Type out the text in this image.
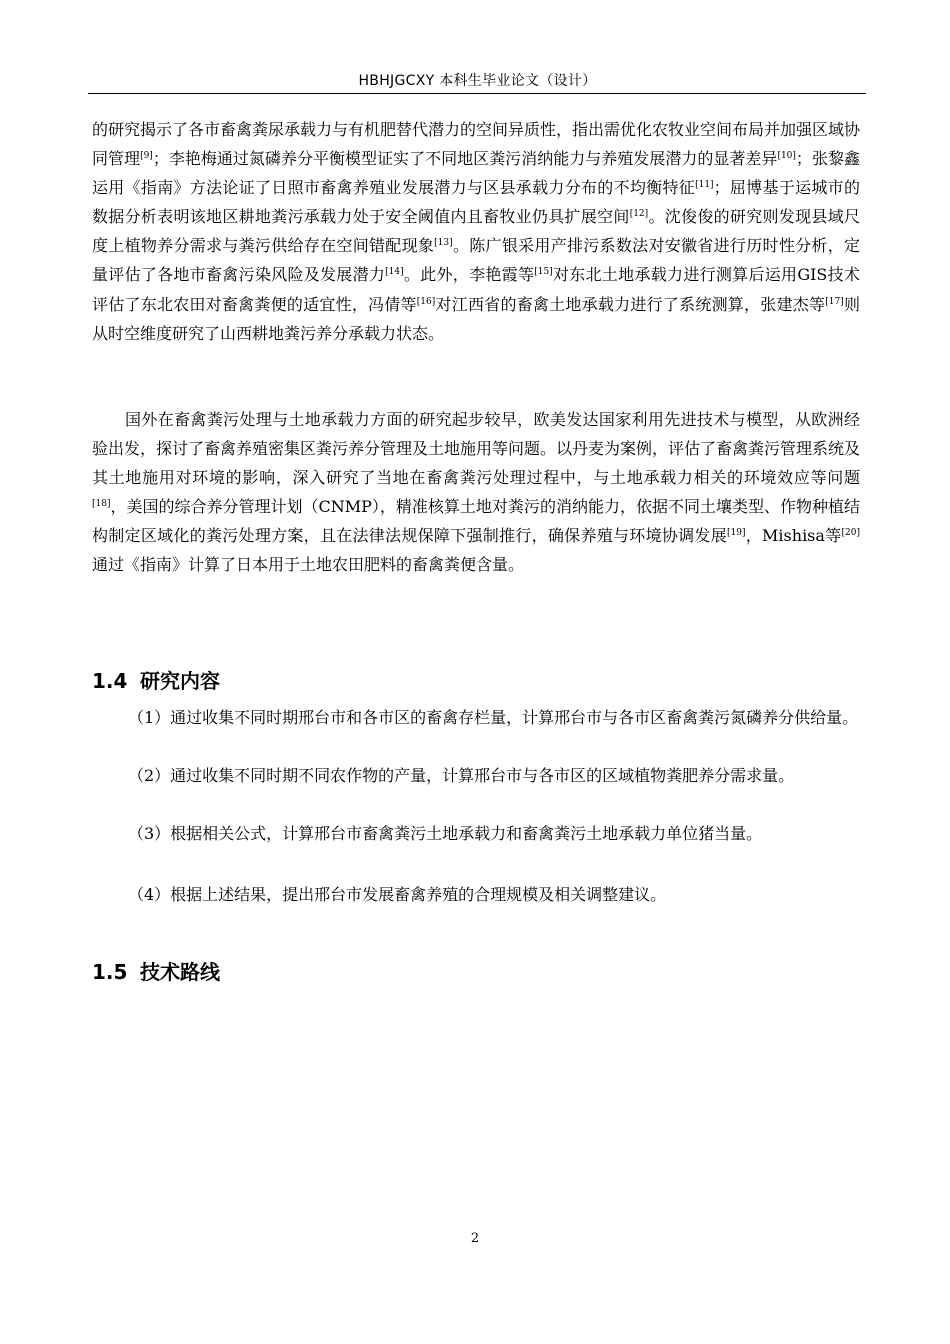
HBHJGCXY 本科生毕业论文（设计）

的研究揭示了各市畜禽粪尿承载力与有机肥替代潜力的空间异质性，指出需优化农牧业空间布局并加强区域协同管理[9]；李艳梅通过氮磷养分平衡模型证实了不同地区粪污消纳能力与养殖发展潜力的显著差异[10]；张黎鑫运用《指南》方法论证了日照市畜禽养殖业发展潜力与区县承载力分布的不均衡特征[11]；屈博基于运城市的数据分析表明该地区耕地粪污承载力处于安全阈值内且畜牧业仍具扩展空间[12]。沈俊俊的研究则发现县域尺度上植物养分需求与粪污供给存在空间错配现象[13]。陈广银采用产排污系数法对安徽省进行历时性分析，定量评估了各地市畜禽污染风险及发展潜力[14]。此外，李艳霞等[15]对东北土地承载力进行测算后运用GIS技术评估了东北农田对畜禽粪便的适宜性，冯倩等[16]对江西省的畜禽土地承载力进行了系统测算，张建杰等[17]则从时空维度研究了山西耕地粪污养分承载力状态。

国外在畜禽粪污处理与土地承载力方面的研究起步较早，欧美发达国家利用先进技术与模型，从欧洲经验出发，探讨了畜禽养殖密集区粪污养分管理及土地施用等问题。以丹麦为案例，评估了畜禽粪污管理系统及其土地施用对环境的影响，深入研究了当地在畜禽粪污处理过程中，与土地承载力相关的环境效应等问题[18]，美国的综合养分管理计划（CNMP），精准核算土地对粪污的消纳能力，依据不同土壤类型、作物种植结构制定区域化的粪污处理方案，且在法律法规保障下强制推行，确保养殖与环境协调发展[19]，Mishisa等[20]通过《指南》计算了日本用于土地农田肥料的畜禽粪便含量。

1.4 研究内容

（1）通过收集不同时期邢台市和各市区的畜禽存栏量，计算邢台市与各市区畜禽粪污氮磷养分供给量。

（2）通过收集不同时期不同农作物的产量，计算邢台市与各市区的区域植物粪肥养分需求量。

（3）根据相关公式，计算邢台市畜禽粪污土地承载力和畜禽粪污土地承载力单位猪当量。

（4）根据上述结果，提出邢台市发展畜禽养殖的合理规模及相关调整建议。

1.5 技术路线
2
